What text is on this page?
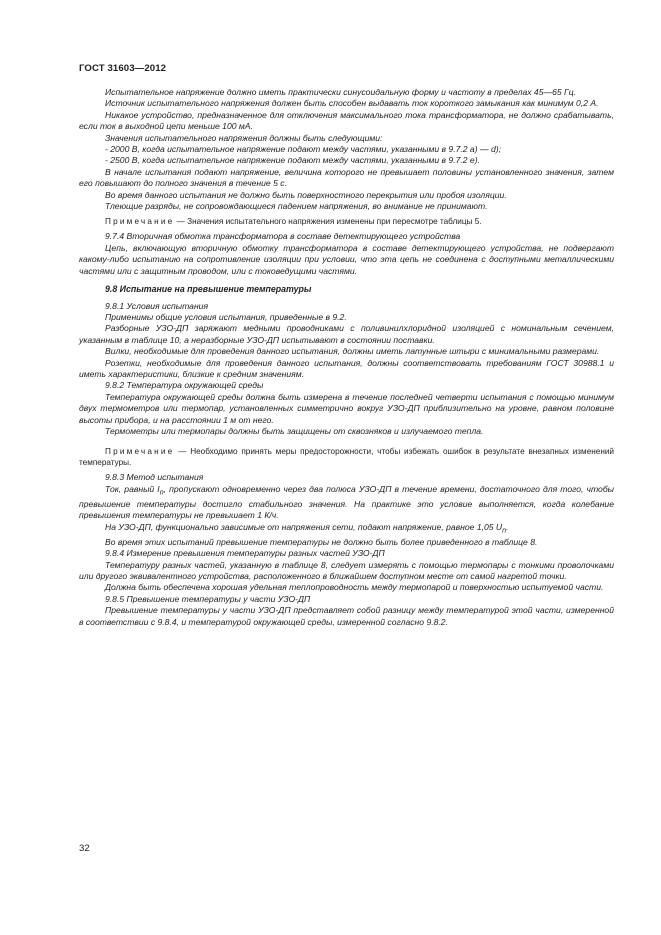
ГОСТ 31603—2012

Испытательное напряжение должно иметь практически синусоидальную форму и частоту в пределах 45—65 Гц.

Источник испытательного напряжения должен быть способен выдавать ток короткого замыкания как минимум 0,2 А.

Никакое устройство, предназначенное для отключения максимального тока трансформатора, не должно срабатывать, если ток в выходной цепи меньше 100 мА.

Значения испытательного напряжения должны быть следующими:

- 2000 В, когда испытательное напряжение подают между частями, указанными в 9.7.2 а) — d);

- 2500 В, когда испытательное напряжение подают между частями, указанными в 9.7.2 е).

В начале испытания подают напряжение, величина которого не превышает половины установленного значения, затем его повышают до полного значения в течение 5 с.

Во время данного испытания не должно быть поверхностного перекрытия или пробоя изоляции.

Тлеющие разряды, не сопровождающиеся падением напряжения, во внимание не принимают.

Примечание — Значения испытательного напряжения изменены при пересмотре таблицы 5.

9.7.4 Вторичная обмотка трансформатора в составе детектирующего устройства

Цепь, включающую вторичную обмотку трансформатора в составе детектирующего устройства, не подвергают какому-либо испытанию на сопротивление изоляции при условии, что эта цепь не соединена с доступными металлическими частями или с защитным проводом, или с токоведущими частями.

9.8 Испытание на превышение температуры

9.8.1 Условия испытания

Применимы общие условия испытания, приведенные в 9.2.

Разборные УЗО-ДП заряжают медными проводниками с поливинилхлоридной изоляцией с номинальным сечением, указанным в таблице 10, а неразборные УЗО-ДП испытывают в состоянии поставки.

Вилки, необходимые для проведения данного испытания, должны иметь латунные штыри с минимальными размерами.

Розетки, необходимые для проведения данного испытания, должны соответствовать требованиям ГОСТ 30988.1 и иметь характеристики, близкие к средним значениям.

9.8.2 Температура окружающей среды

Температура окружающей среды должна быть измерена в течение последней четверти испытания с помощью минимум двух термометров или термопар, установленных симметрично вокруг УЗО-ДП приблизительно на уровне, равном половине высоты прибора, и на расстоянии 1 м от него.

Термометры или термопары должны быть защищены от сквозняков и излучаемого тепла.

Примечание — Необходимо принять меры предосторожности, чтобы избежать ошибок в результате внезапных изменений температуры.

9.8.3 Метод испытания

Ток, равный $I_n$, пропускают одновременно через два полюса УЗО-ДП в течение времени, достаточного для того, чтобы превышение температуры достигло стабильного значения. На практике это условие выполняется, когда колебание превышения температуры не превышает 1 К/ч.

На УЗО-ДП, функционально зависимые от напряжения сети, подают напряжение, равное 1,05 $U_n$.

Во время этих испытаний превышение температуры не должно быть более приведенного в таблице 8.

9.8.4 Измерение превышения температуры разных частей УЗО-ДП

Температуру разных частей, указанную в таблице 8, следует измерять с помощью термопары с тонкими проволочками или другого эквивалентного устройства, расположенного в ближайшем доступном месте от самой нагретой точки.

Должна быть обеспечена хорошая удельная теплопроводность между термопарой и поверхностью испытуемой части.

9.8.5 Превышение температуры у части УЗО-ДП

Превышение температуры у части УЗО-ДП представляет собой разницу между температурой этой части, измеренной в соответствии с 9.8.4, и температурой окружающей среды, измеренной согласно 9.8.2.

32
